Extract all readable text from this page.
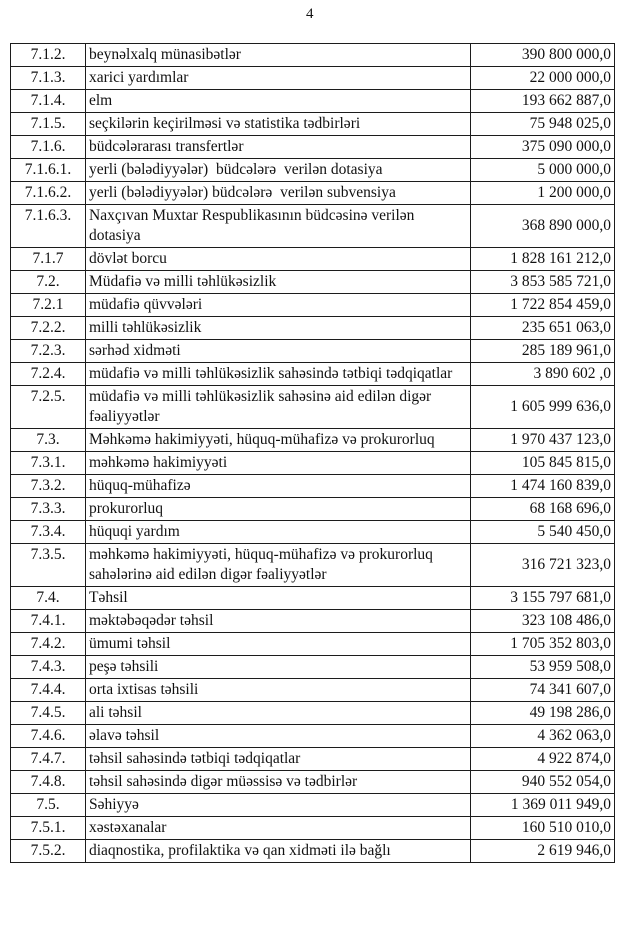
4
7.1.2.	beynəlxalq münasibətlər	390 800 000,0
7.1.3.	xarici yardımlar	22 000 000,0
7.1.4.	elm	193 662 887,0
7.1.5.	seçkilərin keçirilməsi və statistika tədbirləri	75 948 025,0
7.1.6.	büdcələrarası transfertlər	375 090 000,0
7.1.6.1.	yerli (bələdiyyələr)  büdcələrə  verilən dotasiya	5 000 000,0
7.1.6.2.	yerli (bələdiyyələr) büdcələrə  verilən subvensiya	1 200 000,0
7.1.6.3.	Naxçıvan Muxtar Respublikasının büdcəsinə verilən dotasiya	368 890 000,0
7.1.7	dövlət borcu	1 828 161 212,0
7.2.	Müdafiə və milli təhlükəsizlik	3 853 585 721,0
7.2.1	müdafiə qüvvələri	1 722 854 459,0
7.2.2.	milli təhlükəsizlik	235 651 063,0
7.2.3.	sərhəd xidməti	285 189 961,0
7.2.4.	müdafiə və milli təhlükəsizlik sahəsində tətbiqi tədqiqatlar	3 890 602 ,0
7.2.5.	müdafiə və milli təhlükəsizlik sahəsinə aid edilən digər fəaliyyətlər	1 605 999 636,0
7.3.	Məhkəmə hakimiyyəti, hüquq-mühafizə və prokurorluq	1 970 437 123,0
7.3.1.	məhkəmə hakimiyyəti	105 845 815,0
7.3.2.	hüquq-mühafizə	1 474 160 839,0
7.3.3.	prokurorluq	68 168 696,0
7.3.4.	hüquqi yardım	5 540 450,0
7.3.5.	məhkəmə hakimiyyəti, hüquq-mühafizə və prokurorluq sahələrinə aid edilən digər fəaliyyətlər	316 721 323,0
7.4.	Təhsil	3 155 797 681,0
7.4.1.	məktəbəqədər təhsil	323 108 486,0
7.4.2.	ümumi təhsil	1 705 352 803,0
7.4.3.	peşə təhsili	53 959 508,0
7.4.4.	orta ixtisas təhsili	74 341 607,0
7.4.5.	ali təhsil	49 198 286,0
7.4.6.	əlavə təhsil	4 362 063,0
7.4.7.	təhsil sahəsində tətbiqi tədqiqatlar	4 922 874,0
7.4.8.	təhsil sahəsində digər müəssisə və tədbirlər	940 552 054,0
7.5.	Səhiyyə	1 369 011 949,0
7.5.1.	xəstəxanalar	160 510 010,0
7.5.2.	diaqnostika, profilaktika və qan xidməti ilə bağlı	2 619 946,0
